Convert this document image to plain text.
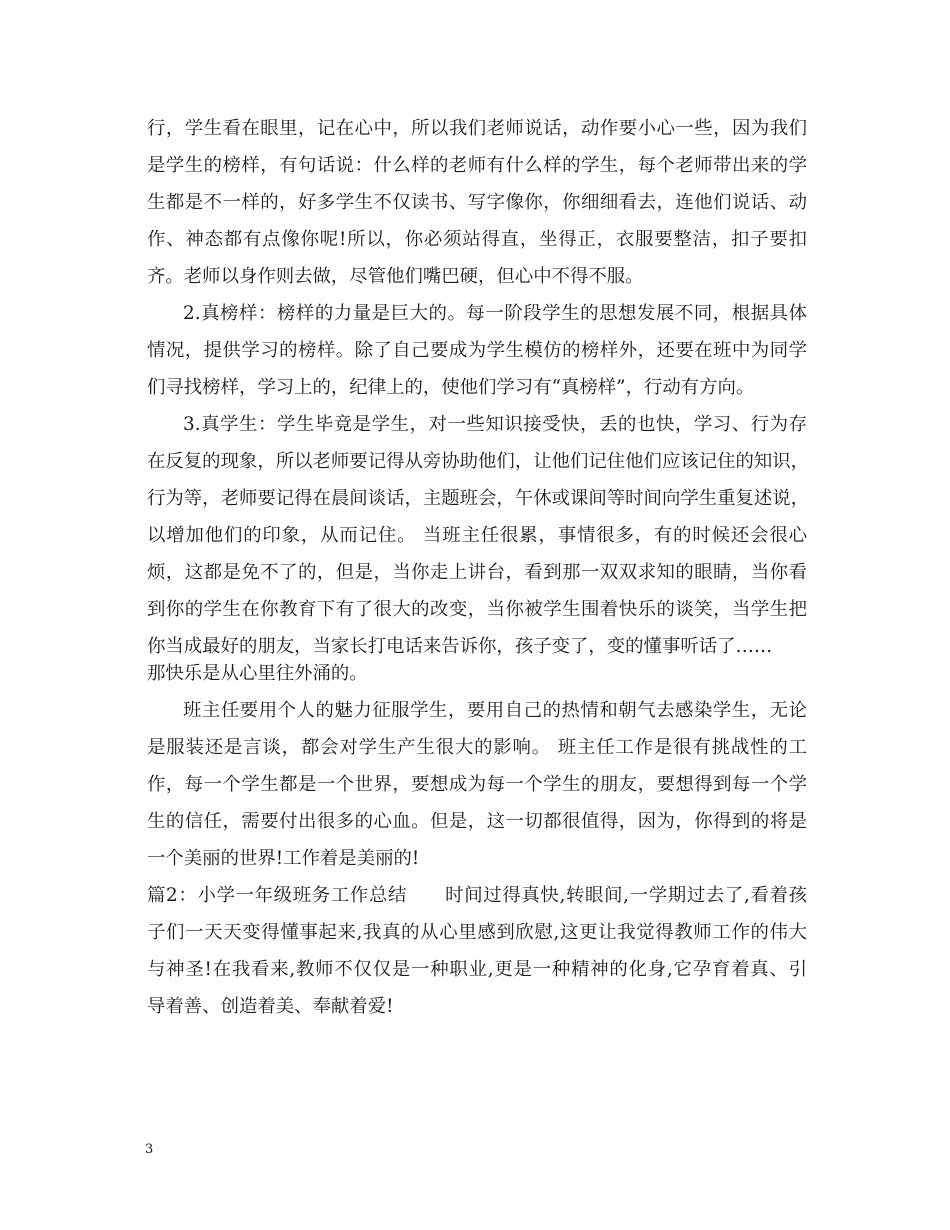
行，学生看在眼里，记在心中，所以我们老师说话，动作要小心一些，因为我们
是学生的榜样，有句话说：什么样的老师有什么样的学生，每个老师带出来的学
生都是不一样的，好多学生不仅读书、写字像你，你细细看去，连他们说话、动
作、神态都有点像你呢!所以，你必须站得直，坐得正，衣服要整洁，扣子要扣
齐。老师以身作则去做，尽管他们嘴巴硬，但心中不得不服。
2.真榜样：榜样的力量是巨大的。每一阶段学生的思想发展不同，根据具体
情况，提供学习的榜样。除了自己要成为学生模仿的榜样外，还要在班中为同学
们寻找榜样，学习上的，纪律上的，使他们学习有“真榜样”，行动有方向。
3.真学生：学生毕竟是学生，对一些知识接受快，丢的也快，学习、行为存
在反复的现象，所以老师要记得从旁协助他们，让他们记住他们应该记住的知识，
行为等，老师要记得在晨间谈话，主题班会，午休或课间等时间向学生重复述说，
以增加他们的印象，从而记住。 当班主任很累，事情很多，有的时候还会很心
烦，这都是免不了的，但是，当你走上讲台，看到那一双双求知的眼睛，当你看
到你的学生在你教育下有了很大的改变，当你被学生围着快乐的谈笑，当学生把
你当成最好的朋友，当家长打电话来告诉你，孩子变了，变的懂事听话了……
那快乐是从心里往外涌的。
班主任要用个人的魅力征服学生，要用自己的热情和朝气去感染学生，无论
是服装还是言谈，都会对学生产生很大的影响。 班主任工作是很有挑战性的工
作，每一个学生都是一个世界，要想成为每一个学生的朋友，要想得到每一个学
生的信任，需要付出很多的心血。但是，这一切都很值得，因为，你得到的将是
一个美丽的世界!工作着是美丽的!
篇2：小学一年级班务工作总结　　时间过得真快,转眼间,一学期过去了,看着孩
子们一天天变得懂事起来,我真的从心里感到欣慰,这更让我觉得教师工作的伟大
与神圣!在我看来,教师不仅仅是一种职业,更是一种精神的化身,它孕育着真、引
导着善、创造着美、奉献着爱!
3
